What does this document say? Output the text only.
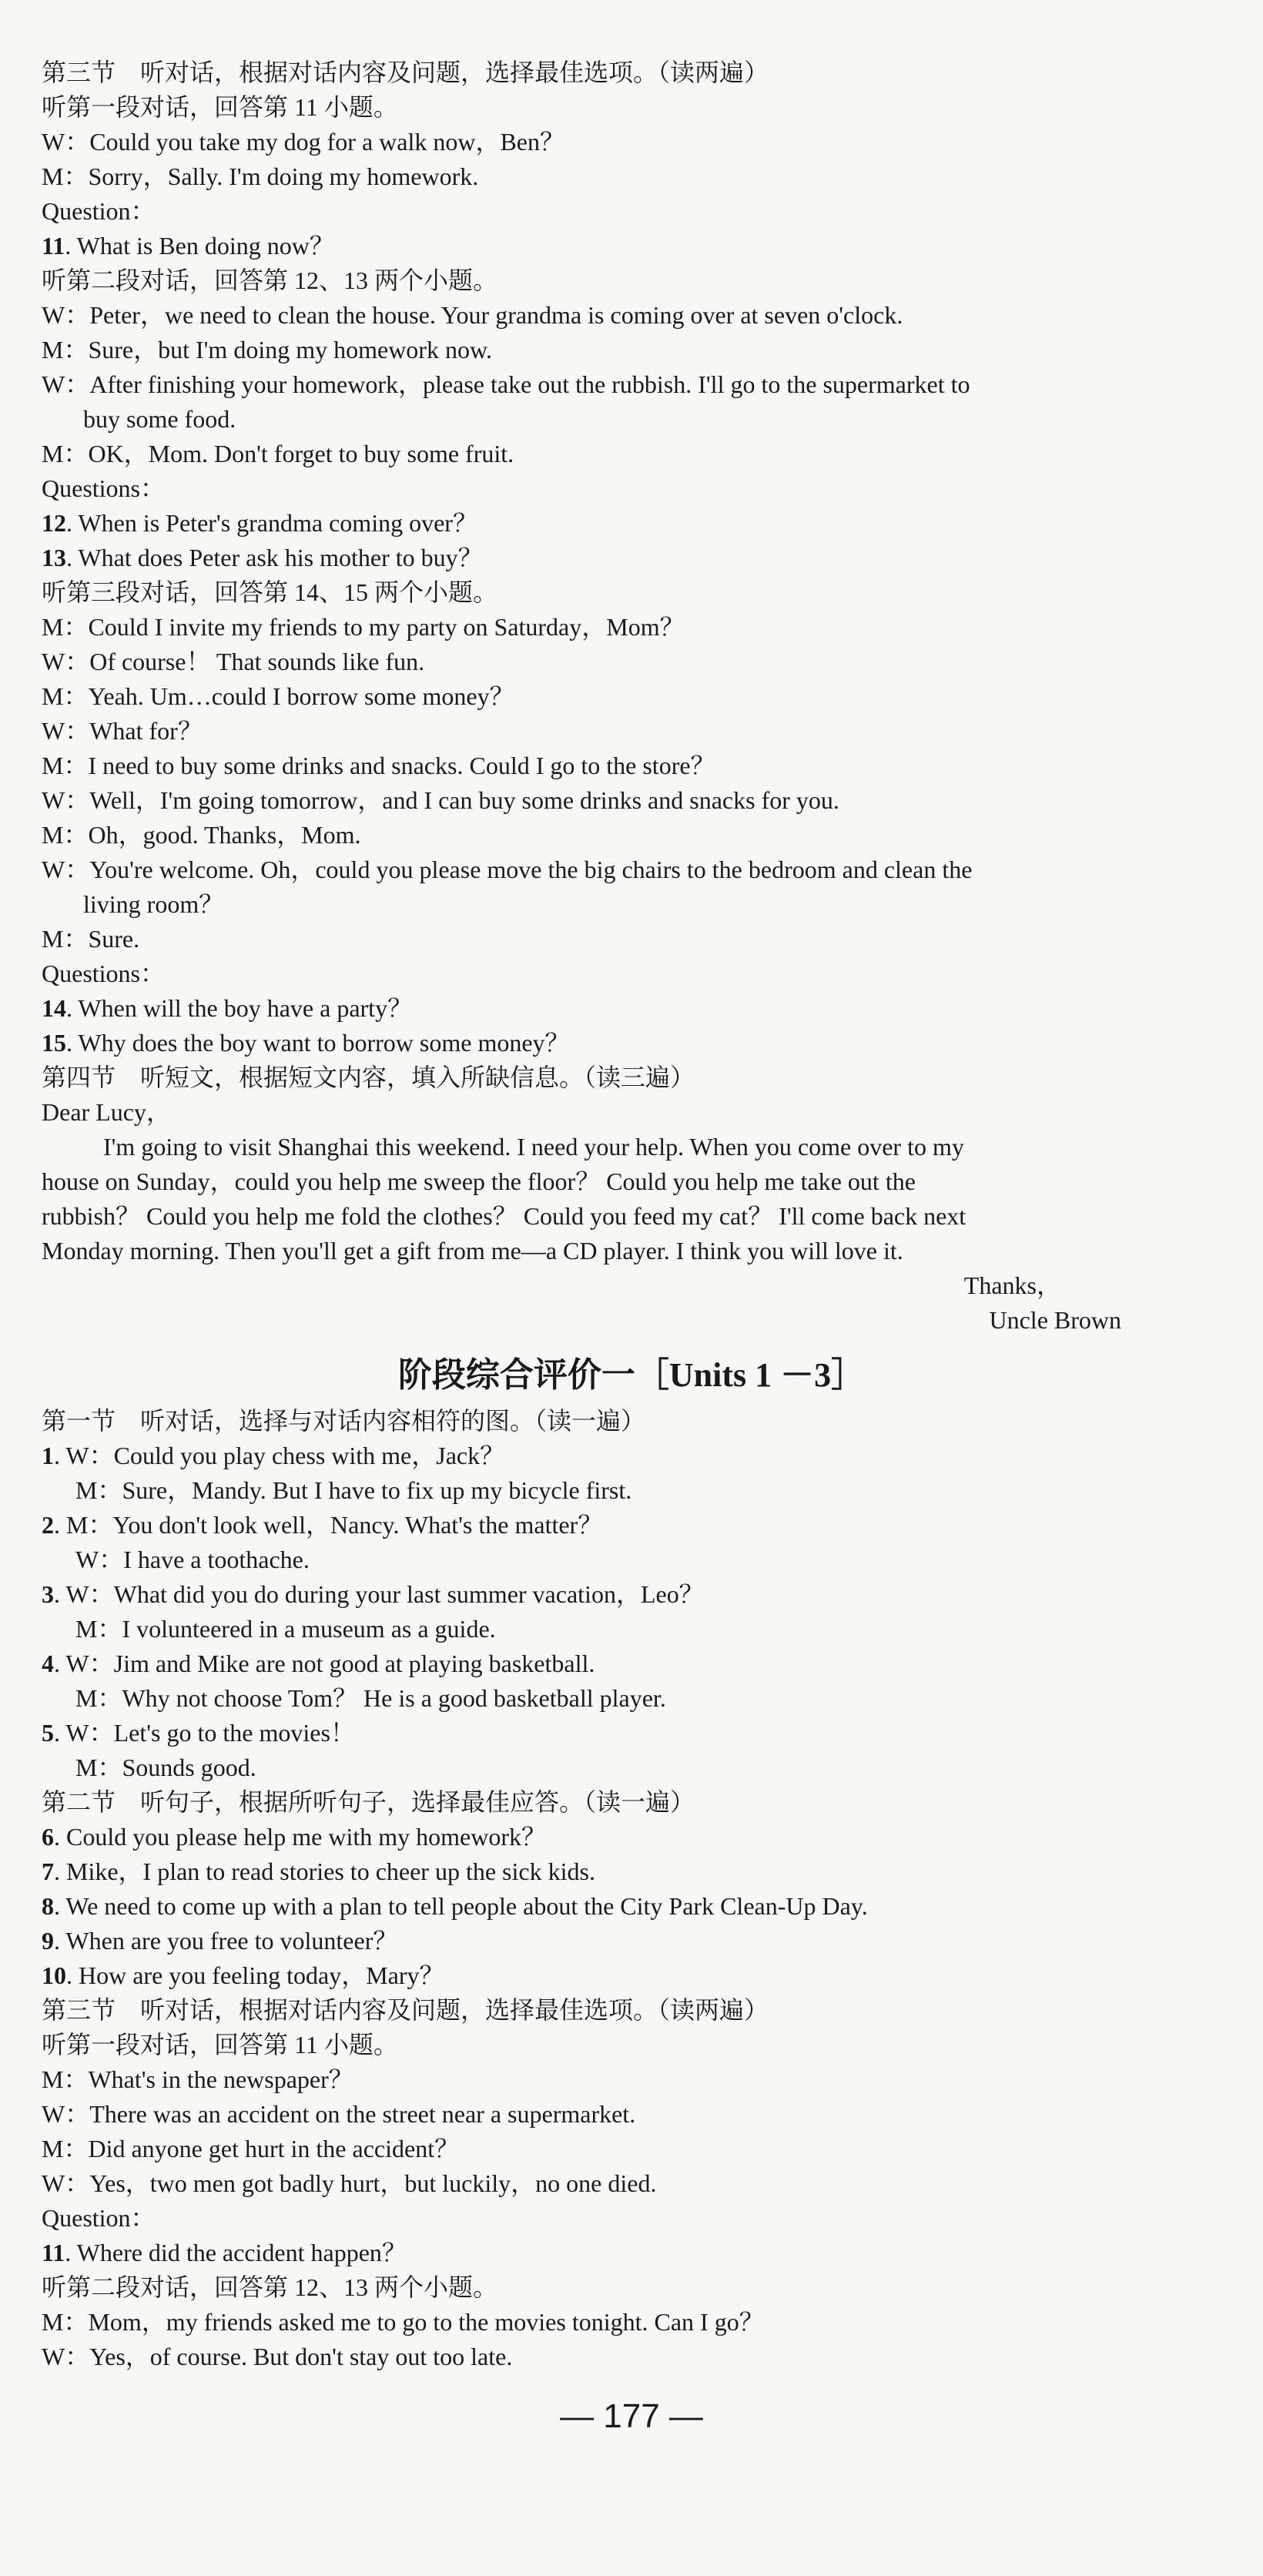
第三节　听对话，根据对话内容及问题，选择最佳选项。（读两遍）
听第一段对话，回答第 11 小题。
W：Could you take my dog for a walk now，Ben？
M：Sorry，Sally. I'm doing my homework.
Question：
11. What is Ben doing now？
听第二段对话，回答第 12、13 两个小题。
W：Peter，we need to clean the house. Your grandma is coming over at seven o'clock.
M：Sure，but I'm doing my homework now.
W：After finishing your homework，please take out the rubbish. I'll go to the supermarket to
buy some food.
M：OK，Mom. Don't forget to buy some fruit.
Questions：
12. When is Peter's grandma coming over？
13. What does Peter ask his mother to buy？
听第三段对话，回答第 14、15 两个小题。
M：Could I invite my friends to my party on Saturday，Mom？
W：Of course！ That sounds like fun.
M：Yeah. Um…could I borrow some money？
W：What for？
M：I need to buy some drinks and snacks. Could I go to the store？
W：Well，I'm going tomorrow，and I can buy some drinks and snacks for you.
M：Oh，good. Thanks，Mom.
W：You're welcome. Oh，could you please move the big chairs to the bedroom and clean the
living room？
M：Sure.
Questions：
14. When will the boy have a party？
15. Why does the boy want to borrow some money？
第四节　听短文，根据短文内容，填入所缺信息。（读三遍）
Dear Lucy，
I'm going to visit Shanghai this weekend. I need your help. When you come over to my
house on Sunday，could you help me sweep the floor？ Could you help me take out the
rubbish？ Could you help me fold the clothes？ Could you feed my cat？ I'll come back next
Monday morning. Then you'll get a gift from me—a CD player. I think you will love it.
Thanks，
Uncle Brown
阶段综合评价一［Units 1 －3］
第一节　听对话，选择与对话内容相符的图。（读一遍）
1. W：Could you play chess with me，Jack？
M：Sure，Mandy. But I have to fix up my bicycle first.
2. M：You don't look well，Nancy. What's the matter？
W：I have a toothache.
3. W：What did you do during your last summer vacation，Leo？
M：I volunteered in a museum as a guide.
4. W：Jim and Mike are not good at playing basketball.
M：Why not choose Tom？ He is a good basketball player.
5. W：Let's go to the movies！
M：Sounds good.
第二节　听句子，根据所听句子，选择最佳应答。（读一遍）
6. Could you please help me with my homework？
7. Mike，I plan to read stories to cheer up the sick kids.
8. We need to come up with a plan to tell people about the City Park Clean-Up Day.
9. When are you free to volunteer？
10. How are you feeling today，Mary？
第三节　听对话，根据对话内容及问题，选择最佳选项。（读两遍）
听第一段对话，回答第 11 小题。
M：What's in the newspaper？
W：There was an accident on the street near a supermarket.
M：Did anyone get hurt in the accident？
W：Yes，two men got badly hurt，but luckily，no one died.
Question：
11. Where did the accident happen？
听第二段对话，回答第 12、13 两个小题。
M：Mom，my friends asked me to go to the movies tonight. Can I go？
W：Yes，of course. But don't stay out too late.
— 177 —
